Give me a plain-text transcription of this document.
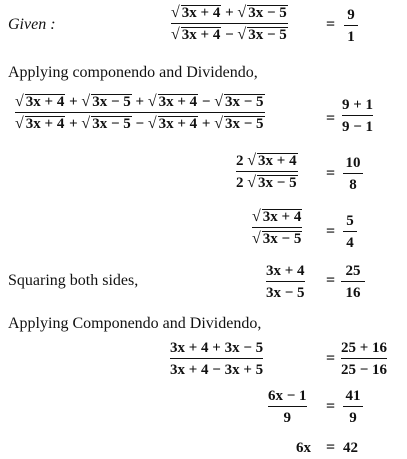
Given :
√ 3x + 4 + √ 3x − 5
√ 3x + 4 − √ 3x − 5
=
9
1
Applying componendo and Dividendo,
√ 3x + 4 + √ 3x − 5 + √ 3x + 4 − √ 3x − 5
√ 3x + 4 + √ 3x − 5 − √ 3x + 4 + √ 3x − 5	=
9 + 1
9 − 1
2 √ 3x + 4
2 √ 3x − 5
=
10
8
√ 3x + 4
√ 3x − 5 =
5
4
Squaring both sides,
3x + 4
3x − 5
=
25
16
Applying Componendo and Dividendo,
3x + 4 + 3x − 5
3x + 4 − 3x + 5
=
25 + 16
25 − 16
6x − 1
9
=
41
9
6x = 42
